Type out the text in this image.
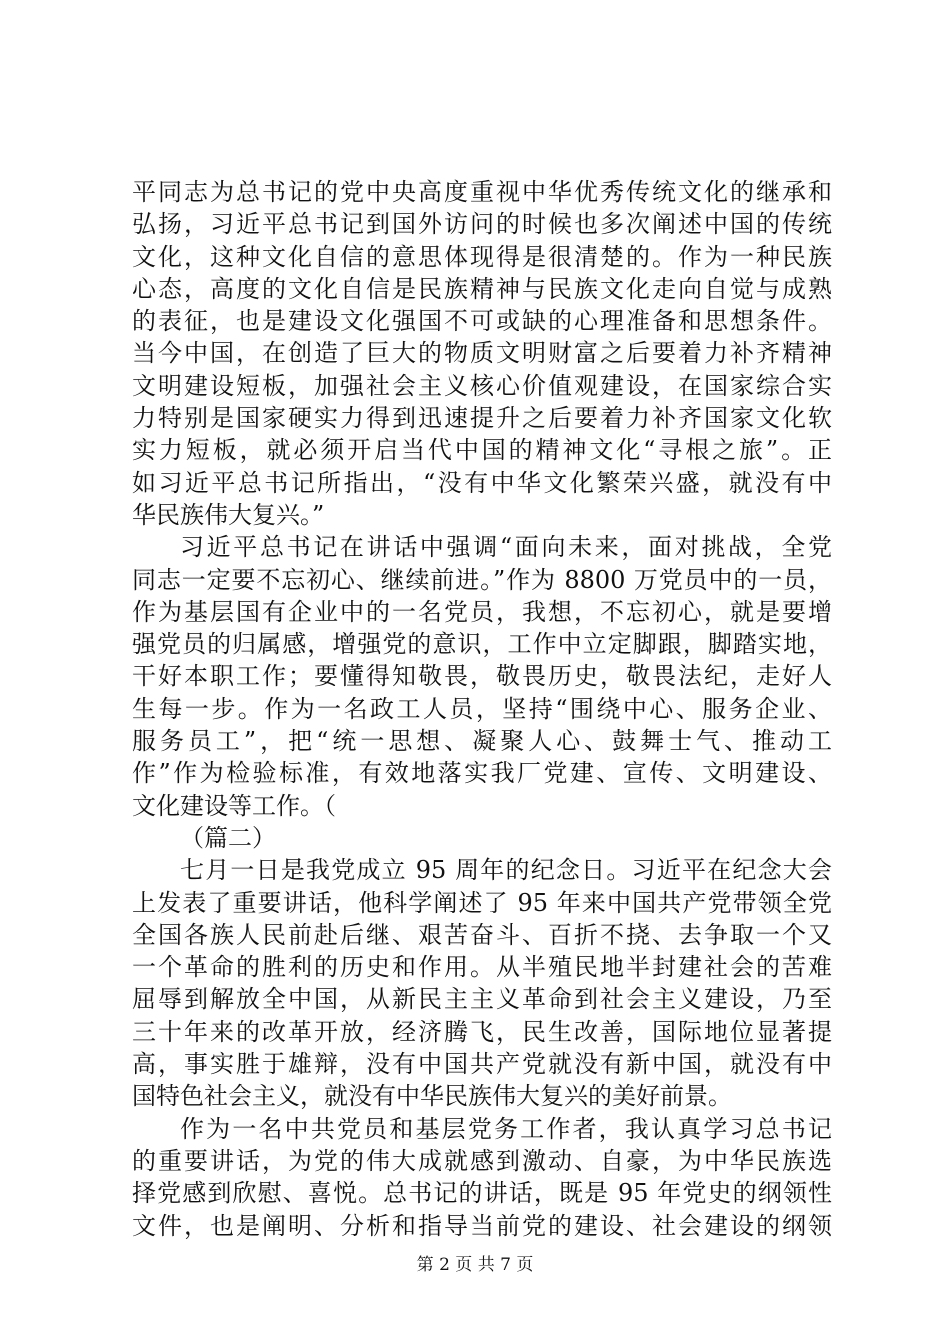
平同志为总书记的党中央高度重视中华优秀传统文化的继承和
弘扬，习近平总书记到国外访问的时候也多次阐述中国的传统
文化，这种文化自信的意思体现得是很清楚的。作为一种民族
心态，高度的文化自信是民族精神与民族文化走向自觉与成熟
的表征，也是建设文化强国不可或缺的心理准备和思想条件。
当今中国，在创造了巨大的物质文明财富之后要着力补齐精神
文明建设短板，加强社会主义核心价值观建设，在国家综合实
力特别是国家硬实力得到迅速提升之后要着力补齐国家文化软
实力短板，就必须开启当代中国的精神文化“寻根之旅”。正
如习近平总书记所指出，“没有中华文化繁荣兴盛，就没有中
华民族伟大复兴。”
习近平总书记在讲话中强调“面向未来，面对挑战，全党
同志一定要不忘初心、继续前进。”作为 8800 万党员中的一员，
作为基层国有企业中的一名党员，我想，不忘初心，就是要增
强党员的归属感，增强党的意识，工作中立定脚跟，脚踏实地，
干好本职工作；要懂得知敬畏，敬畏历史，敬畏法纪，走好人
生每一步。作为一名政工人员，坚持“围绕中心、服务企业、
服务员工”，把“统一思想、凝聚人心、鼓舞士气、推动工
作”作为检验标准，有效地落实我厂党建、宣传、文明建设、
文化建设等工作。（
（篇二）
七月一日是我党成立 95 周年的纪念日。习近平在纪念大会
上发表了重要讲话，他科学阐述了 95 年来中国共产党带领全党
全国各族人民前赴后继、艰苦奋斗、百折不挠、去争取一个又
一个革命的胜利的历史和作用。从半殖民地半封建社会的苦难
屈辱到解放全中国，从新民主主义革命到社会主义建设，乃至
三十年来的改革开放，经济腾飞，民生改善，国际地位显著提
高，事实胜于雄辩，没有中国共产党就没有新中国，就没有中
国特色社会主义，就没有中华民族伟大复兴的美好前景。
作为一名中共党员和基层党务工作者，我认真学习总书记
的重要讲话，为党的伟大成就感到激动、自豪，为中华民族选
择党感到欣慰、喜悦。总书记的讲话，既是 95 年党史的纲领性
文件，也是阐明、分析和指导当前党的建设、社会建设的纲领
第 2 页 共 7 页
